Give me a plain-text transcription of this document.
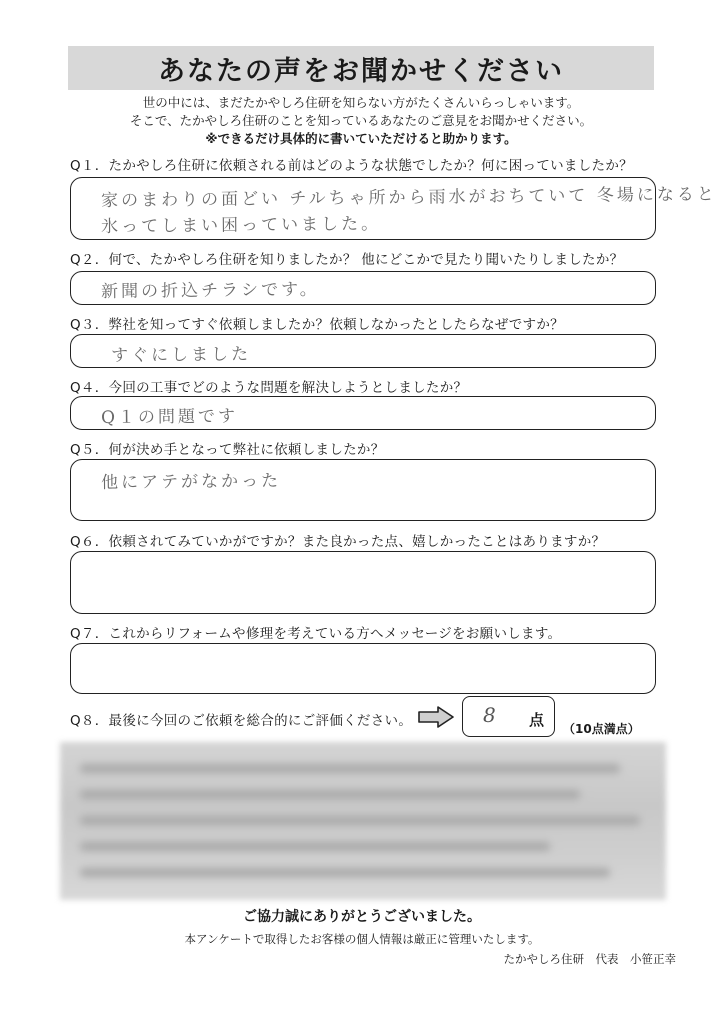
あなたの声をお聞かせください
世の中には、まだたかやしろ住研を知らない方がたくさんいらっしゃいます。
そこで、たかやしろ住研のことを知っているあなたのご意見をお聞かせください。
※できるだけ具体的に書いていただけると助かります。
Q１．たかやしろ住研に依頼される前はどのような状態でしたか？何に困っていましたか？
家のまわりの面どい チルちゃ所から雨水がおちていて 冬場になると
氷ってしまい困っていました。
Q２．何で、たかやしろ住研を知りましたか？ 他にどこかで見たり聞いたりしましたか？
新聞の折込チラシです。
Q３．弊社を知ってすぐ依頼しましたか？依頼しなかったとしたらなぜですか？
すぐにしました
Q４．今回の工事でどのような問題を解決しようとしましたか？
Q１の問題です
Q５．何が決め手となって弊社に依頼しましたか？
他にアテがなかった
Q６．依頼されてみていかがですか？また良かった点、嬉しかったことはありますか？
Q７．これからリフォームや修理を考えている方へメッセージをお願いします。
Q８．最後に今回のご依頼を総合的にご評価ください。	8 点 （10点満点）
ご協力誠にありがとうございました。
本アンケートで取得したお客様の個人情報は厳正に管理いたします。
たかやしろ住研　代表　小笹正幸
